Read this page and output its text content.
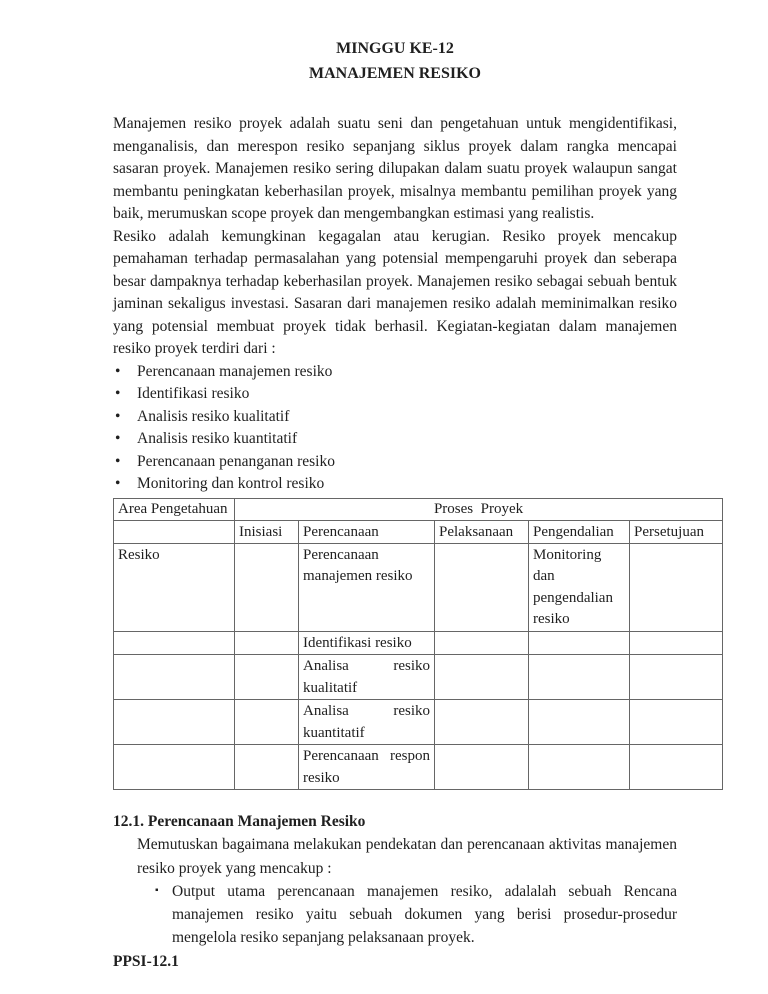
MINGGU KE-12
MANAJEMEN RESIKO

Manajemen resiko proyek adalah suatu seni dan pengetahuan untuk mengidentifikasi, menganalisis, dan merespon resiko sepanjang siklus proyek dalam rangka mencapai sasaran proyek. Manajemen resiko sering dilupakan dalam suatu proyek walaupun sangat membantu peningkatan keberhasilan proyek, misalnya membantu pemilihan proyek yang baik, merumuskan scope proyek dan mengembangkan estimasi yang realistis.

Resiko adalah kemungkinan kegagalan atau kerugian. Resiko proyek mencakup pemahaman terhadap permasalahan yang potensial mempengaruhi proyek dan seberapa besar dampaknya terhadap keberhasilan proyek. Manajemen resiko sebagai sebuah bentuk jaminan sekaligus investasi. Sasaran dari manajemen resiko adalah meminimalkan resiko yang potensial membuat proyek tidak berhasil. Kegiatan-kegiatan dalam manajemen resiko proyek terdiri dari :

• Perencanaan manajemen resiko
• Identifikasi resiko
• Analisis resiko kualitatif
• Analisis resiko kuantitatif
• Perencanaan penanganan resiko
• Monitoring dan kontrol resiko
Area Pengetahuan	Proses  Proyek				
	Inisiasi	Perencanaan	Pelaksanaan	Pengendalian	Persetujuan
Resiko		Perencanaan manajemen resiko		Monitoring dan pengendalian resiko	
		Identifikasi resiko			
		Analisa resiko kualitatif			
		Analisa resiko kuantitatif			
		Perencanaan respon resiko			
12.1. Perencanaan Manajemen Resiko
Memutuskan bagaimana melakukan pendekatan dan perencanaan aktivitas manajemen resiko proyek yang mencakup :
▪ Output utama perencanaan manajemen resiko, adalalah sebuah Rencana manajemen resiko yaitu sebuah dokumen yang berisi prosedur-prosedur mengelola resiko sepanjang pelaksanaan proyek.
PPSI-12.1
